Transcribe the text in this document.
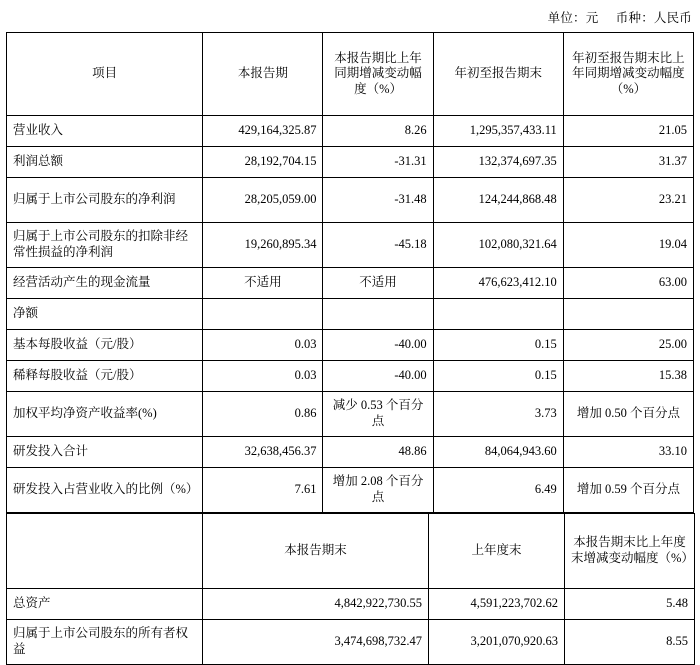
单位：元 币种：人民币
项目	本报告期	本报告期比上年同期增减变动幅度（%）	年初至报告期末	年初至报告期末比上年同期增减变动幅度（%）
营业收入	429,164,325.87	8.26	1,295,357,433.11	21.05
利润总额	28,192,704.15	-31.31	132,374,697.35	31.37
归属于上市公司股东的净利润	28,205,059.00	-31.48	124,244,868.48	23.21
归属于上市公司股东的扣除非经常性损益的净利润	19,260,895.34	-45.18	102,080,321.64	19.04
经营活动产生的现金流量	不适用	不适用	476,623,412.10	63.00
净额				
基本每股收益（元/股）	0.03	-40.00	0.15	25.00
稀释每股收益（元/股）	0.03	-40.00	0.15	15.38
加权平均净资产收益率(%)	0.86	减少 0.53 个百分点	3.73	增加 0.50 个百分点
研发投入合计	32,638,456.37	48.86	84,064,943.60	33.10
研发投入占营业收入的比例（%）	7.61	增加 2.08 个百分点	6.49	增加 0.59 个百分点
	本报告期末	上年度末	本报告期末比上年度末增减变动幅度（%）
总资产	4,842,922,730.55	4,591,223,702.62	5.48
归属于上市公司股东的所有者权益	3,474,698,732.47	3,201,070,920.63	8.55
